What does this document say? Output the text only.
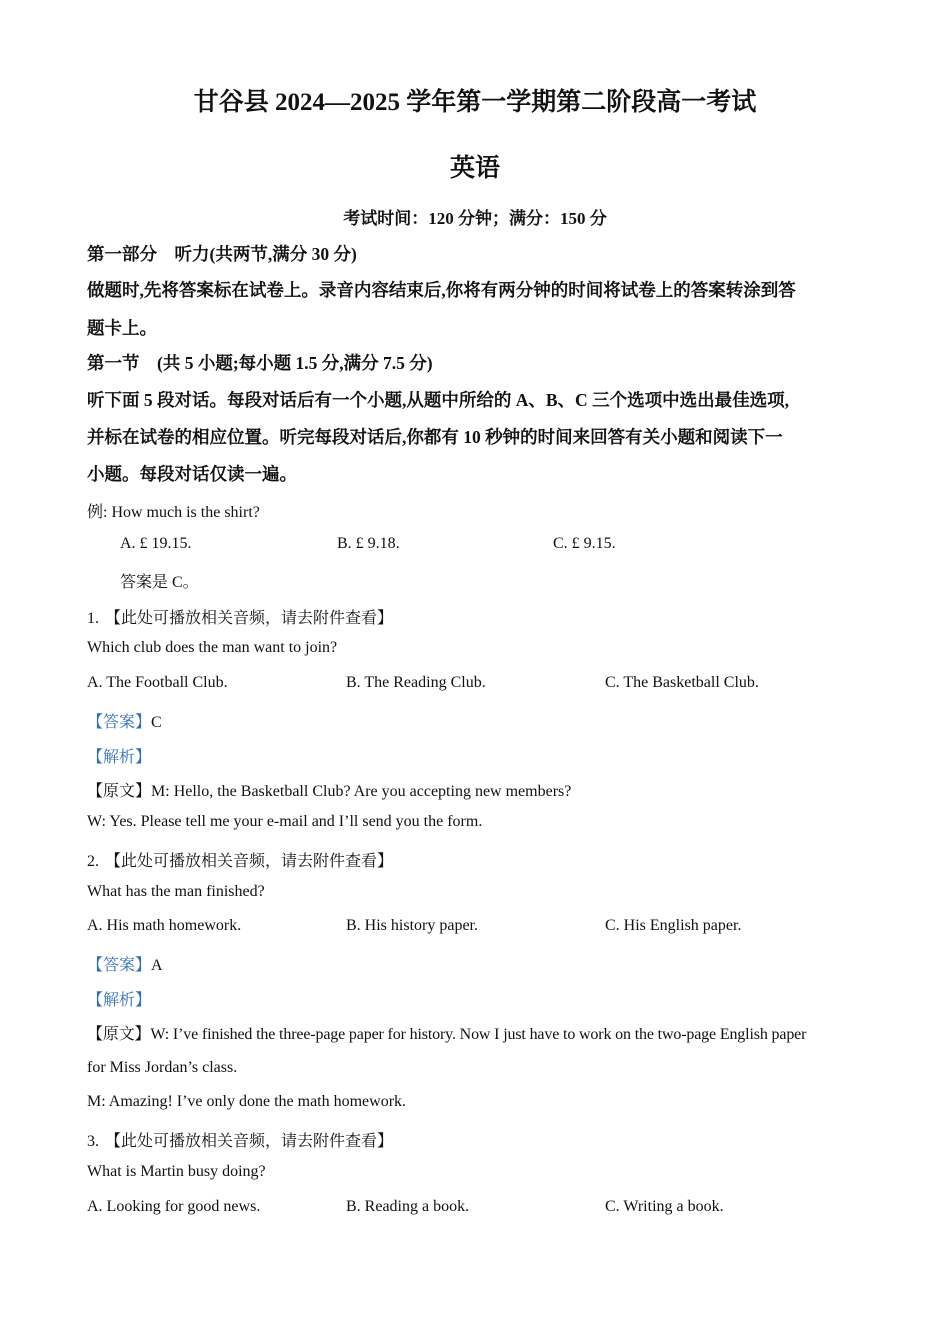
甘谷县 2024—2025 学年第一学期第二阶段高一考试
英语
考试时间：120 分钟；满分：150 分
第一部分　听力(共两节,满分 30 分)
做题时,先将答案标在试卷上。录音内容结束后,你将有两分钟的时间将试卷上的答案转涂到答
题卡上。
第一节　(共 5 小题;每小题 1.5 分,满分 7.5 分)
听下面 5 段对话。每段对话后有一个小题,从题中所给的 A、B、C 三个选项中选出最佳选项,
并标在试卷的相应位置。听完每段对话后,你都有 10 秒钟的时间来回答有关小题和阅读下一
小题。每段对话仅读一遍。
例: How much is the shirt?
A. £ 19.15.	B. £ 9.18.	C. £ 9.15.
答案是 C。
1. 【此处可播放相关音频，请去附件查看】
Which club does the man want to join?
A. The Football Club.	B. The Reading Club.	C. The Basketball Club.
【答案】C
【解析】
【原文】M: Hello, the Basketball Club? Are you accepting new members?
W: Yes. Please tell me your e-mail and I’ll send you the form.
2. 【此处可播放相关音频，请去附件查看】
What has the man finished?
A. His math homework.	B. His history paper.	C. His English paper.
【答案】A
【解析】
【原文】W: I’ve finished the three-page paper for history. Now I just have to work on the two-page English paper
for Miss Jordan’s class.
M: Amazing! I’ve only done the math homework.
3. 【此处可播放相关音频，请去附件查看】
What is Martin busy doing?
A. Looking for good news.	B. Reading a book.	C. Writing a book.
